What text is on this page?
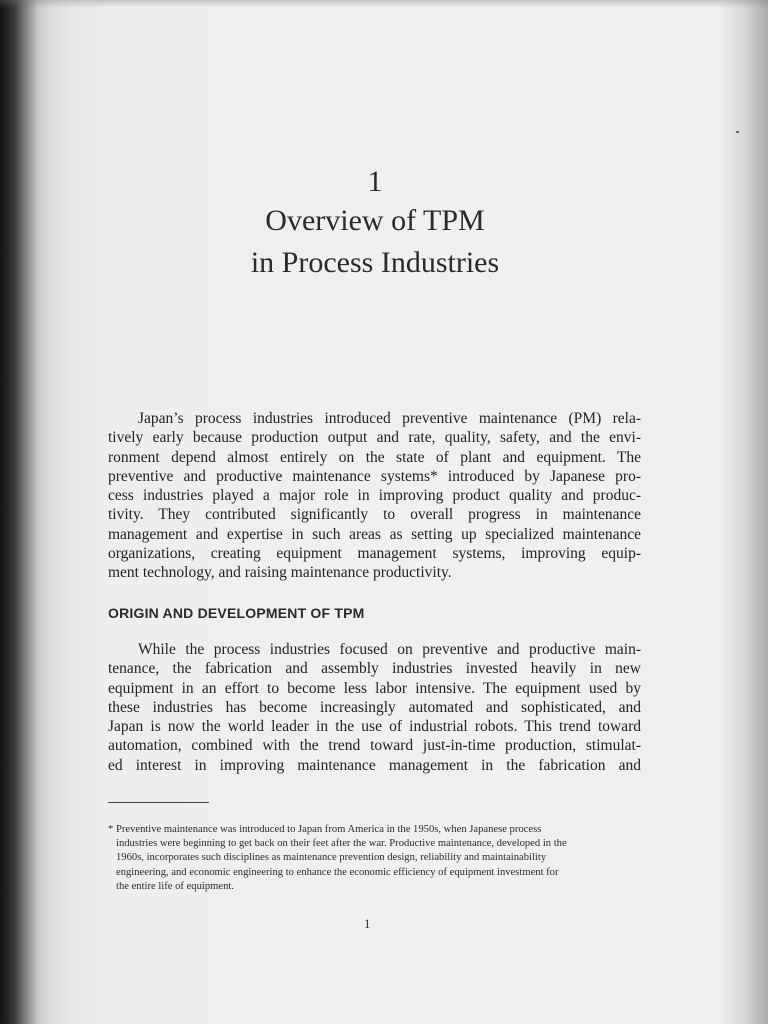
1
Overview of TPM
in Process Industries
Japan’s process industries introduced preventive maintenance (PM) rela-
tively early because production output and rate, quality, safety, and the envi-
ronment depend almost entirely on the state of plant and equipment. The
preventive and productive maintenance systems* introduced by Japanese pro-
cess industries played a major role in improving product quality and produc-
tivity. They contributed significantly to overall progress in maintenance
management and expertise in such areas as setting up specialized maintenance
organizations, creating equipment management systems, improving equip-
ment technology, and raising maintenance productivity.
ORIGIN AND DEVELOPMENT OF TPM
While the process industries focused on preventive and productive main-
tenance, the fabrication and assembly industries invested heavily in new
equipment in an effort to become less labor intensive. The equipment used by
these industries has become increasingly automated and sophisticated, and
Japan is now the world leader in the use of industrial robots. This trend toward
automation, combined with the trend toward just-in-time production, stimulat-
ed interest in improving maintenance management in the fabrication and
* Preventive maintenance was introduced to Japan from America in the 1950s, when Japanese process
industries were beginning to get back on their feet after the war. Productive maintenance, developed in the
1960s, incorporates such disciplines as maintenance prevention design, reliability and maintainability
engineering, and economic engineering to enhance the economic efficiency of equipment investment for
the entire life of equipment.
1
